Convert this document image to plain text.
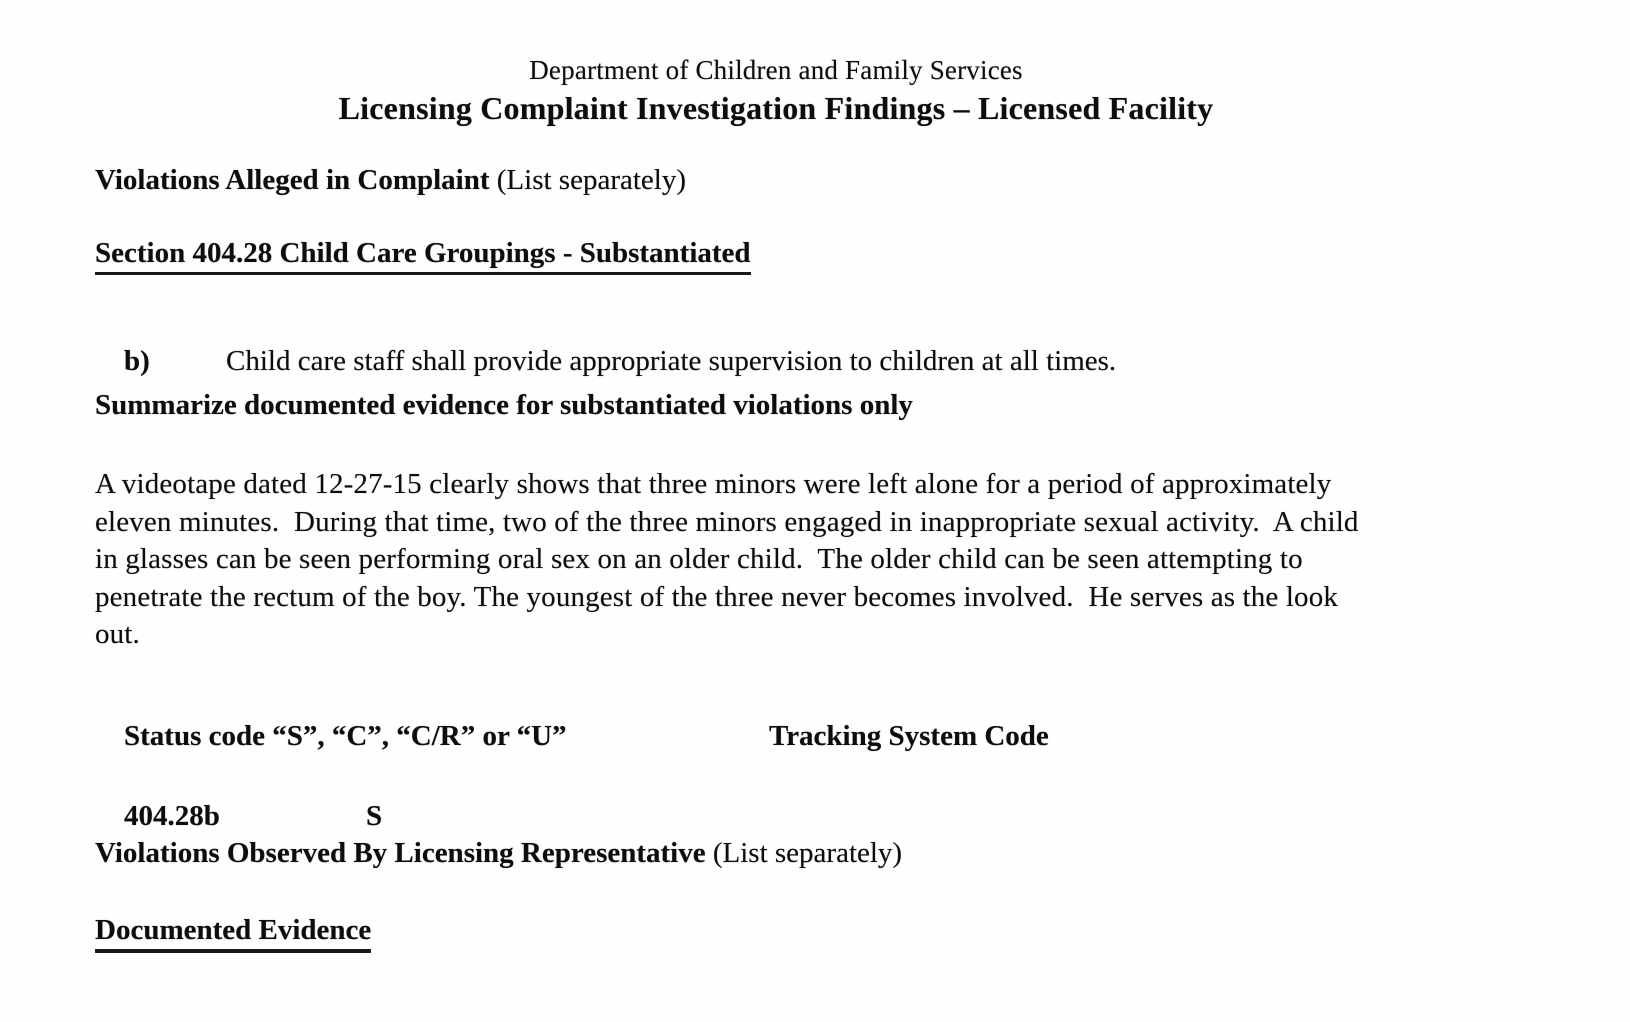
Department of Children and Family Services
Licensing Complaint Investigation Findings – Licensed Facility
Violations Alleged in Complaint (List separately)
Section 404.28 Child Care Groupings - Substantiated

b)	Child care staff shall provide appropriate supervision to children at all times.

Summarize documented evidence for substantiated violations only
A videotape dated 12-27-15 clearly shows that three minors were left alone for a period of approximately
eleven minutes.  During that time, two of the three minors engaged in inappropriate sexual activity.  A child
in glasses can be seen performing oral sex on an older child.  The older child can be seen attempting to
penetrate the rectum of the boy. The youngest of the three never becomes involved.  He serves as the look
out.

Status code “S”, “C”, “C/R” or “U”	Tracking System Code

404.28b	S

Violations Observed By Licensing Representative (List separately)
Documented Evidence
